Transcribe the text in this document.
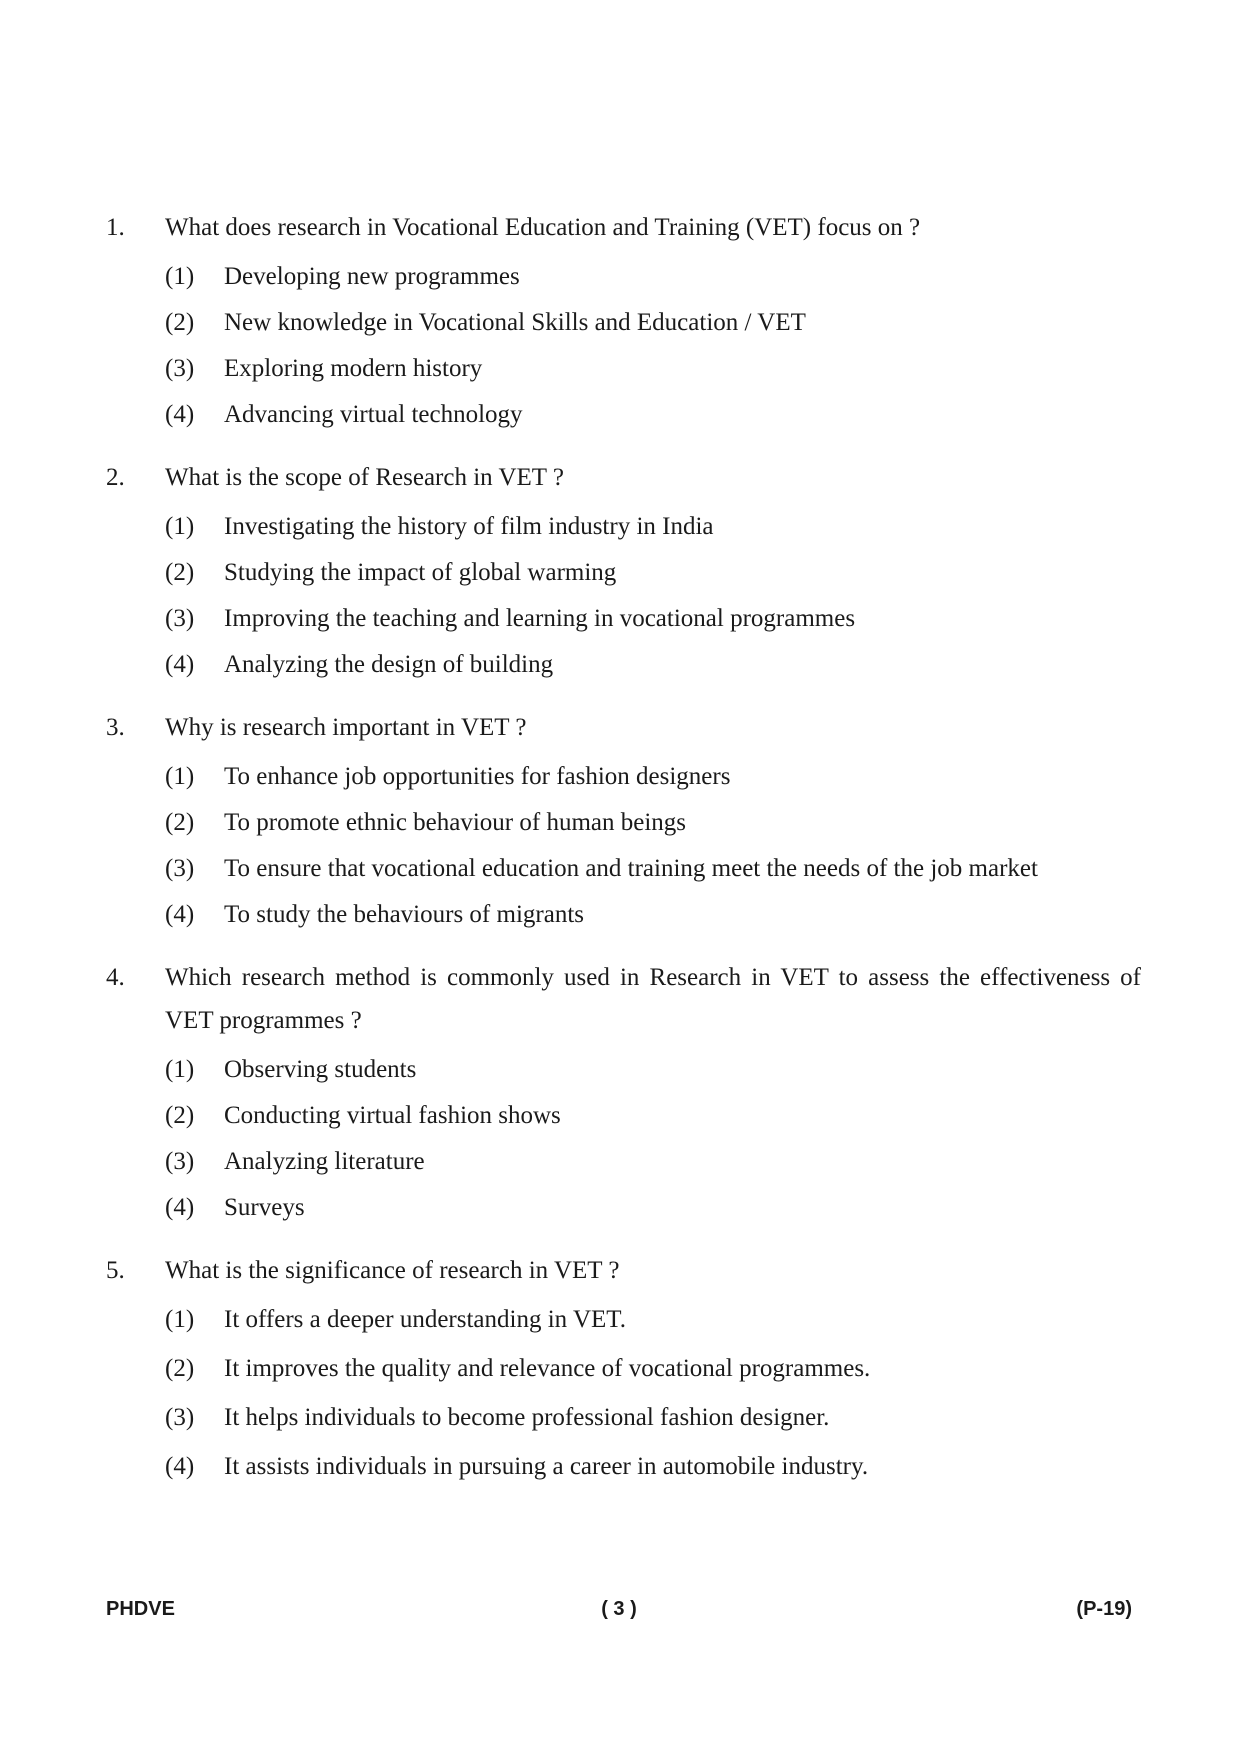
1.	What does research in Vocational Education and Training (VET) focus on ?
(1)	Developing new programmes
(2)	New knowledge in Vocational Skills and Education / VET
(3)	Exploring modern history
(4)	Advancing virtual technology
2.	What is the scope of Research in VET ?
(1)	Investigating the history of film industry in India
(2)	Studying the impact of global warming
(3)	Improving the teaching and learning in vocational programmes
(4)	Analyzing the design of building
3.	Why is research important in VET ?
(1)	To enhance job opportunities for fashion designers
(2)	To promote ethnic behaviour of human beings
(3)	To ensure that vocational education and training meet the needs of the job market
(4)	To study the behaviours of migrants
4.	Which research method is commonly used in Research in VET to assess the effectiveness of VET programmes ?
(1)	Observing students
(2)	Conducting virtual fashion shows
(3)	Analyzing literature
(4)	Surveys
5.	What is the significance of research in VET ?
(1)	It offers a deeper understanding in VET.
(2)	It improves the quality and relevance of vocational programmes.
(3)	It helps individuals to become professional fashion designer.
(4)	It assists individuals in pursuing a career in automobile industry.
PHDVE	( 3 )	(P-19)
